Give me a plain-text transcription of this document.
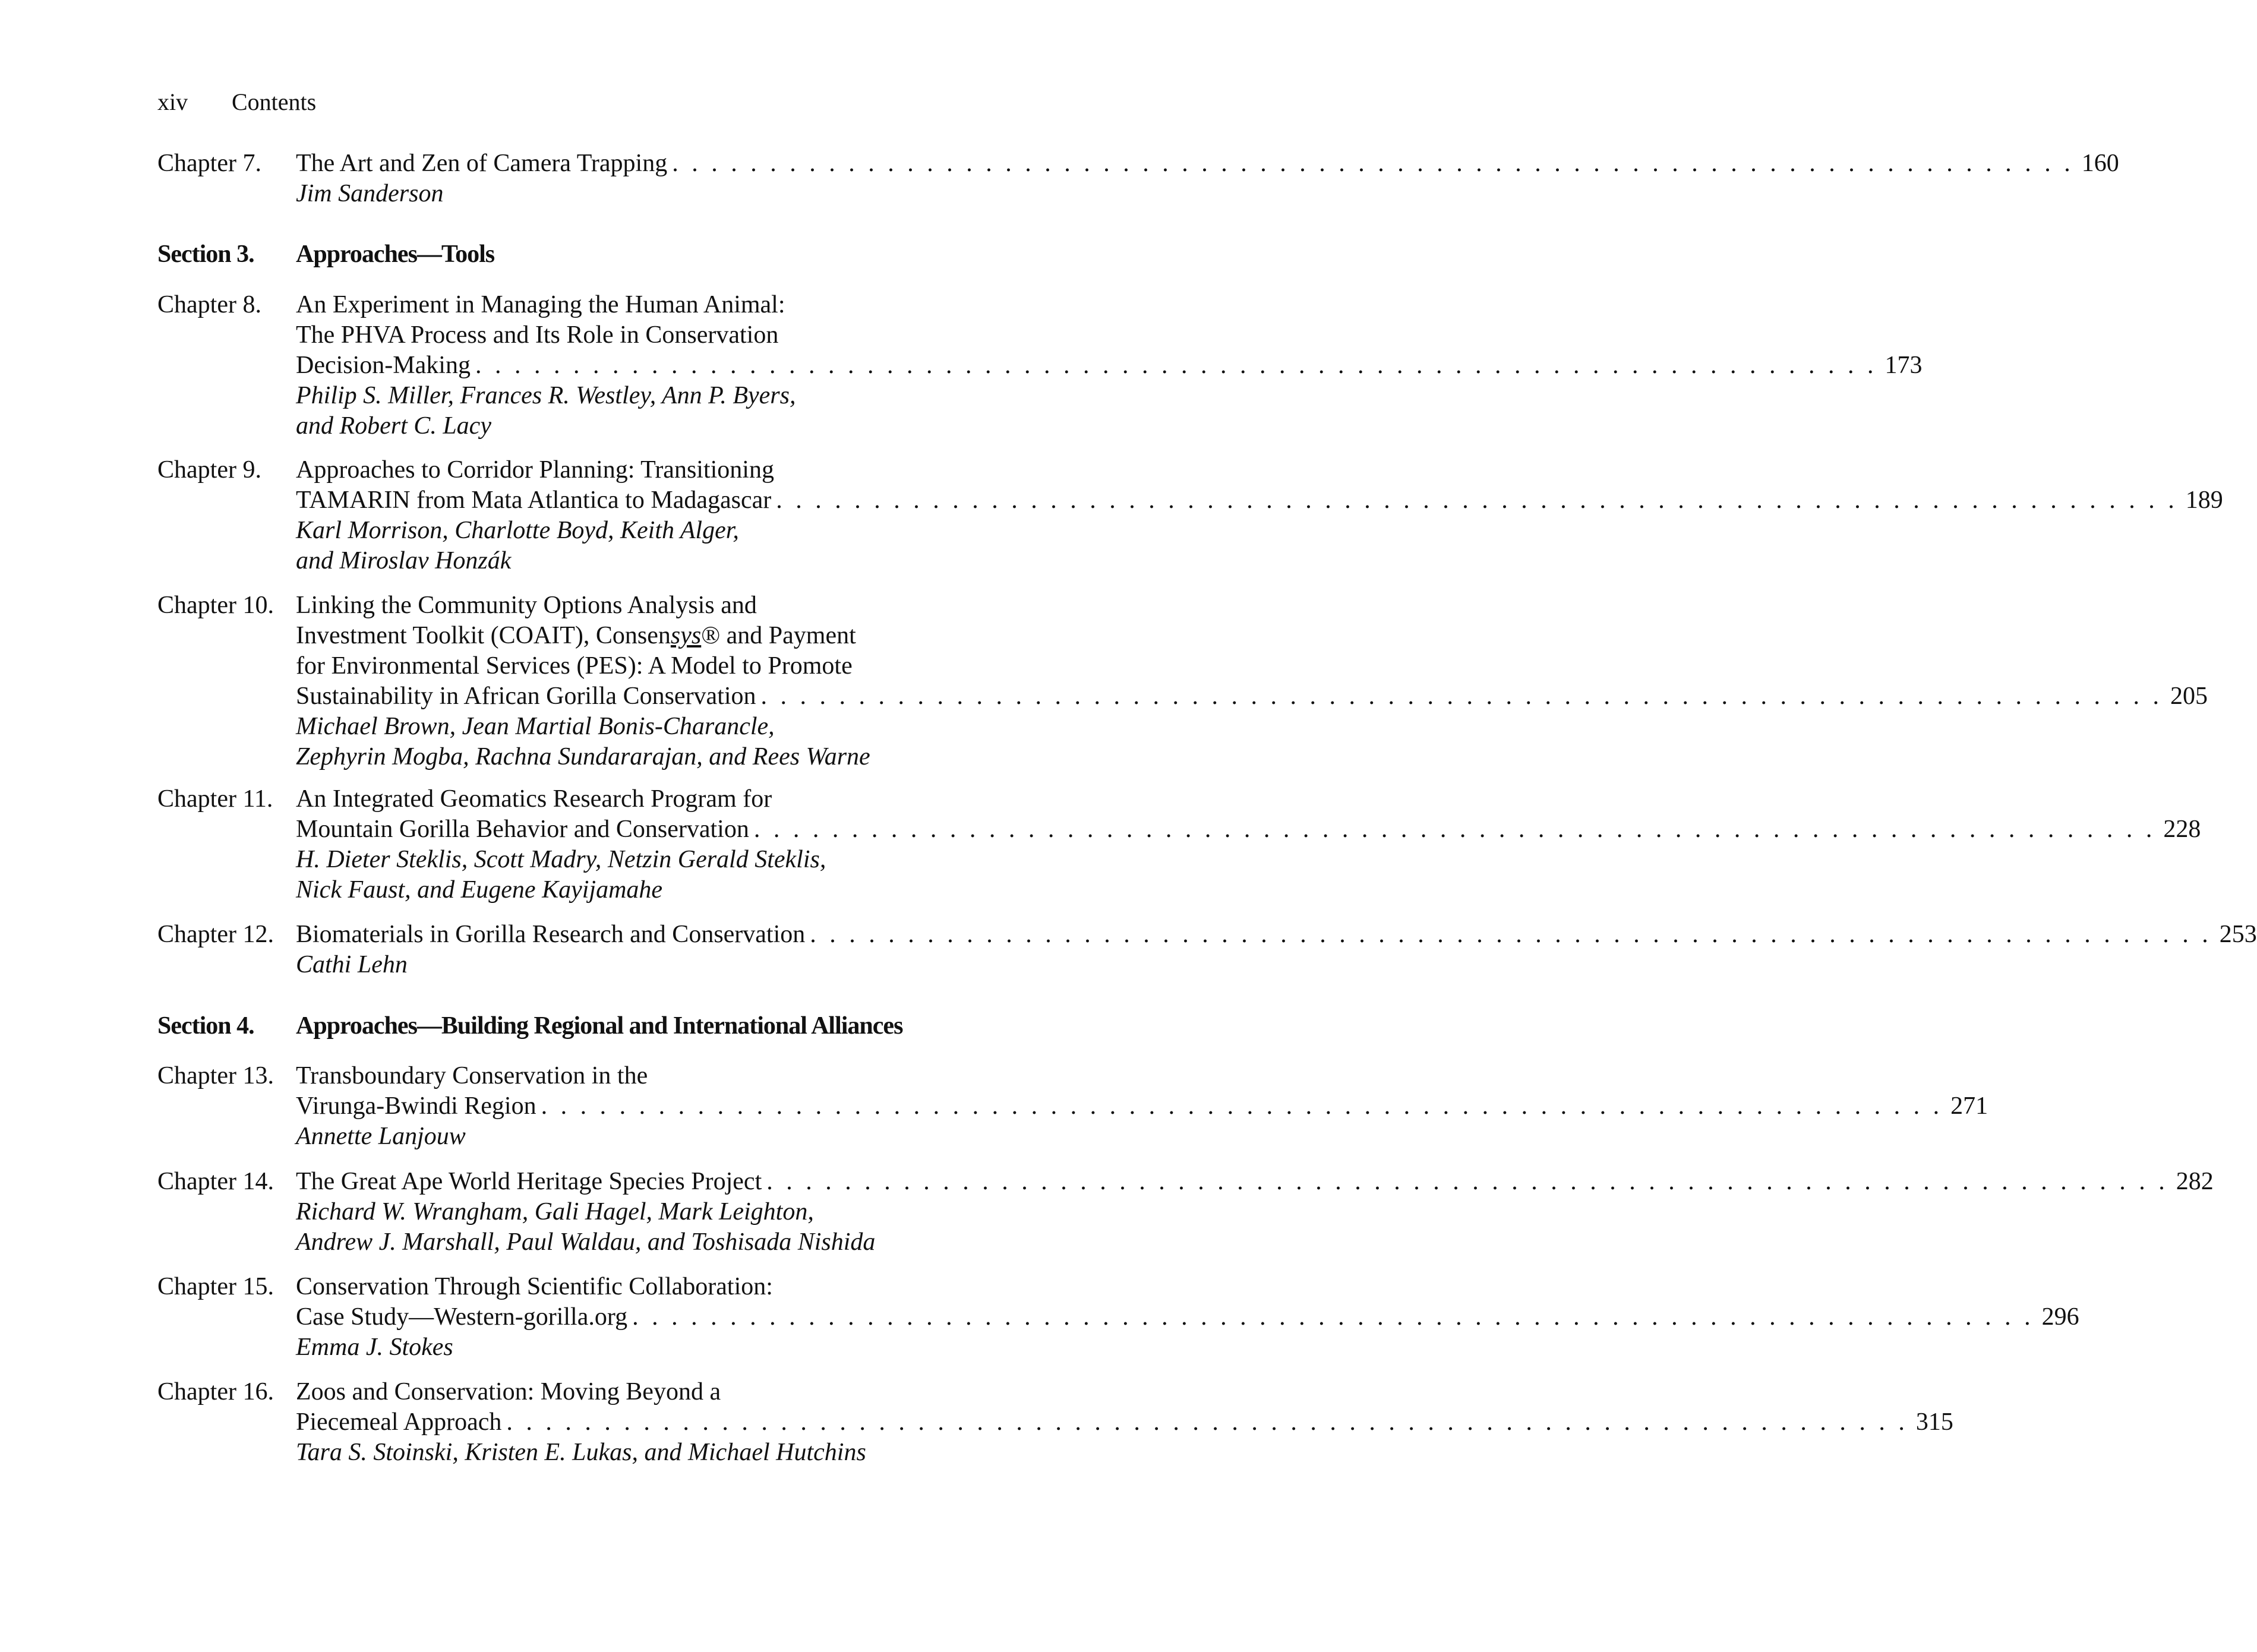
xiv Contents
Chapter 7. The Art and Zen of Camera Trapping . . . . . . . . . . . . . . . . . . . . . . . . . . . . . . . . . . . . . . . . . . . . . . . . . . . . . . . . . . . . . . . . . . . . . . . . 160
Jim Sanderson
Section 3. Approaches—Tools
Chapter 8. An Experiment in Managing the Human Animal:
The PHVA Process and Its Role in Conservation
Decision-Making . . . . . . . . . . . . . . . . . . . . . . . . . . . . . . . . . . . . . . . . . . . . . . . . . . . . . . . . . . . . . . . . . . . . . . . . 173
Philip S. Miller, Frances R. Westley, Ann P. Byers,
and Robert C. Lacy
Chapter 9. Approaches to Corridor Planning: Transitioning
TAMARIN from Mata Atlantica to Madagascar . . . . . . . . . . . . . . . . . . . . . . . . . . . . . . . . . . . . . . . . . . . . . . . . . . . . . . . . . . . . . . . . . . . . . . . . 189
Karl Morrison, Charlotte Boyd, Keith Alger,
and Miroslav Honzák
Chapter 10. Linking the Community Options Analysis and
Investment Toolkit (COAIT), Consensys® and Payment
for Environmental Services (PES): A Model to Promote
Sustainability in African Gorilla Conservation . . . . . . . . . . . . . . . . . . . . . . . . . . . . . . . . . . . . . . . . . . . . . . . . . . . . . . . . . . . . . . . . . . . . . . . . 205
Michael Brown, Jean Martial Bonis-Charancle,
Zephyrin Mogba, Rachna Sundararajan, and Rees Warne
Chapter 11. An Integrated Geomatics Research Program for
Mountain Gorilla Behavior and Conservation . . . . . . . . . . . . . . . . . . . . . . . . . . . . . . . . . . . . . . . . . . . . . . . . . . . . . . . . . . . . . . . . . . . . . . . . 228
H. Dieter Steklis, Scott Madry, Netzin Gerald Steklis,
Nick Faust, and Eugene Kayijamahe
Chapter 12. Biomaterials in Gorilla Research and Conservation . . . . . . . . . . . . . . . . . . . . . . . . . . . . . . . . . . . . . . . . . . . . . . . . . . . . . . . . . . . . . . . . . . . . . . . . 253
Cathi Lehn
Section 4. Approaches—Building Regional and International Alliances
Chapter 13. Transboundary Conservation in the
Virunga-Bwindi Region . . . . . . . . . . . . . . . . . . . . . . . . . . . . . . . . . . . . . . . . . . . . . . . . . . . . . . . . . . . . . . . . . . . . . . . . 271
Annette Lanjouw
Chapter 14. The Great Ape World Heritage Species Project . . . . . . . . . . . . . . . . . . . . . . . . . . . . . . . . . . . . . . . . . . . . . . . . . . . . . . . . . . . . . . . . . . . . . . . . 282
Richard W. Wrangham, Gali Hagel, Mark Leighton,
Andrew J. Marshall, Paul Waldau, and Toshisada Nishida
Chapter 15. Conservation Through Scientific Collaboration:
Case Study—Western-gorilla.org . . . . . . . . . . . . . . . . . . . . . . . . . . . . . . . . . . . . . . . . . . . . . . . . . . . . . . . . . . . . . . . . . . . . . . . . 296
Emma J. Stokes
Chapter 16. Zoos and Conservation: Moving Beyond a
Piecemeal Approach . . . . . . . . . . . . . . . . . . . . . . . . . . . . . . . . . . . . . . . . . . . . . . . . . . . . . . . . . . . . . . . . . . . . . . . . 315
Tara S. Stoinski, Kristen E. Lukas, and Michael Hutchins
